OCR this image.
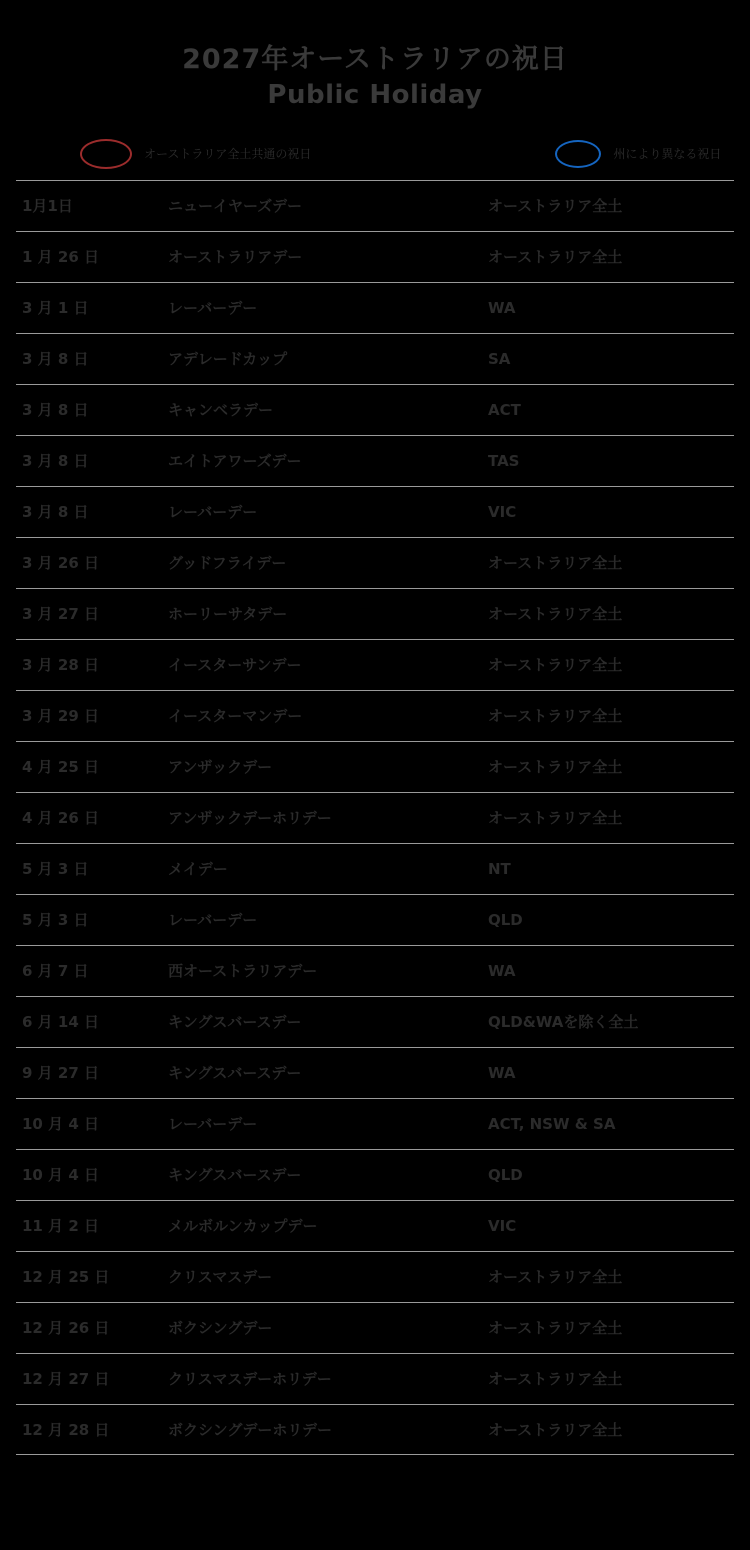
2027年オーストラリアの祝日
Public Holiday
オーストラリア全土共通の祝日	州により異なる祝日
1月1日	ニューイヤーズデー	オーストラリア全土
1 月 26 日	オーストラリアデー	オーストラリア全土
3 月 1 日	レーバーデー	WA
3 月 8 日	アデレードカップ	SA
3 月 8 日	キャンベラデー	ACT
3 月 8 日	エイトアワーズデー	TAS
3 月 8 日	レーバーデー	VIC
3 月 26 日	グッドフライデー	オーストラリア全土
3 月 27 日	ホーリーサタデー	オーストラリア全土
3 月 28 日	イースターサンデー	オーストラリア全土
3 月 29 日	イースターマンデー	オーストラリア全土
4 月 25 日	アンザックデー	オーストラリア全土
4 月 26 日	アンザックデーホリデー	オーストラリア全土
5 月 3 日	メイデー	NT
5 月 3 日	レーバーデー	QLD
6 月 7 日	西オーストラリアデー	WA
6 月 14 日	キングスバースデー	QLD&WAを除く全土
9 月 27 日	キングスバースデー	WA
10 月 4 日	レーバーデー	ACT, NSW & SA
10 月 4 日	キングスバースデー	QLD
11 月 2 日	メルボルンカップデー	VIC
12 月 25 日	クリスマスデー	オーストラリア全土
12 月 26 日	ボクシングデー	オーストラリア全土
12 月 27 日	クリスマスデーホリデー	オーストラリア全土
12 月 28 日	ボクシングデーホリデー	オーストラリア全土
